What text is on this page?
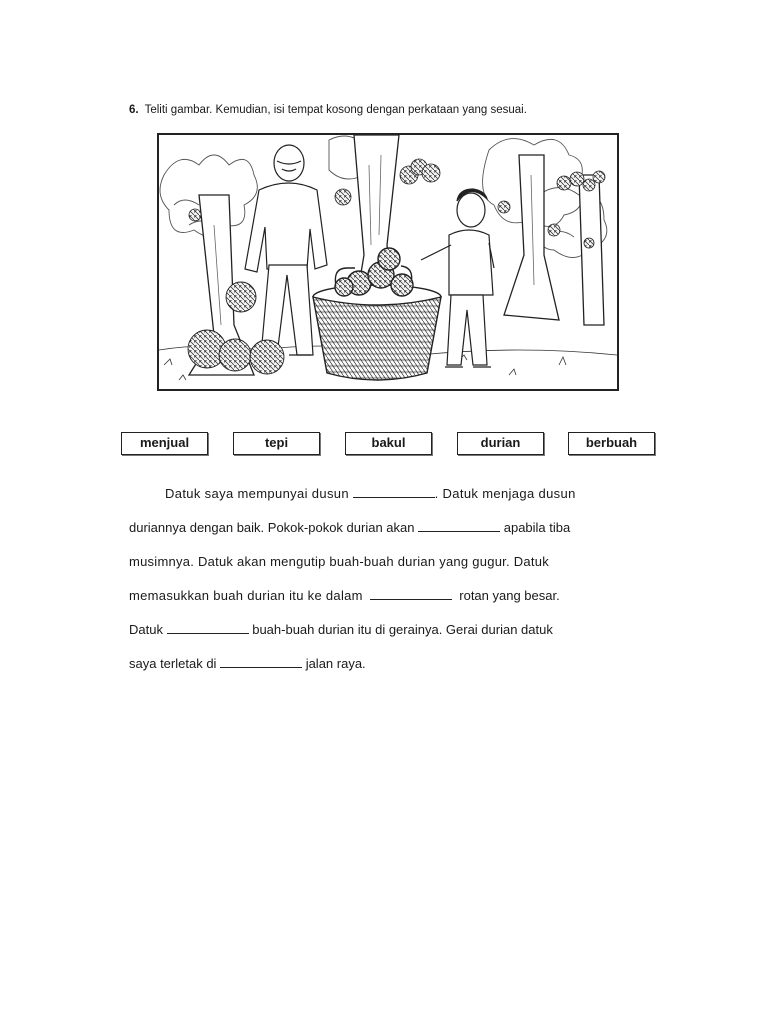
6. Teliti gambar. Kemudian, isi tempat kosong dengan perkataan yang sesuai.
menjual	tepi	bakul	durian	berbuah
Datuk saya mempunyai dusun	. Datuk menjaga dusun
duriannya dengan baik. Pokok-pokok durian akan	apabila tiba
musimnya. Datuk akan mengutip buah-buah durian yang gugur. Datuk
memasukkan buah durian itu ke dalam	rotan yang besar.
Datuk	buah-buah durian itu di gerainya. Gerai durian datuk
saya terletak di	jalan raya.
